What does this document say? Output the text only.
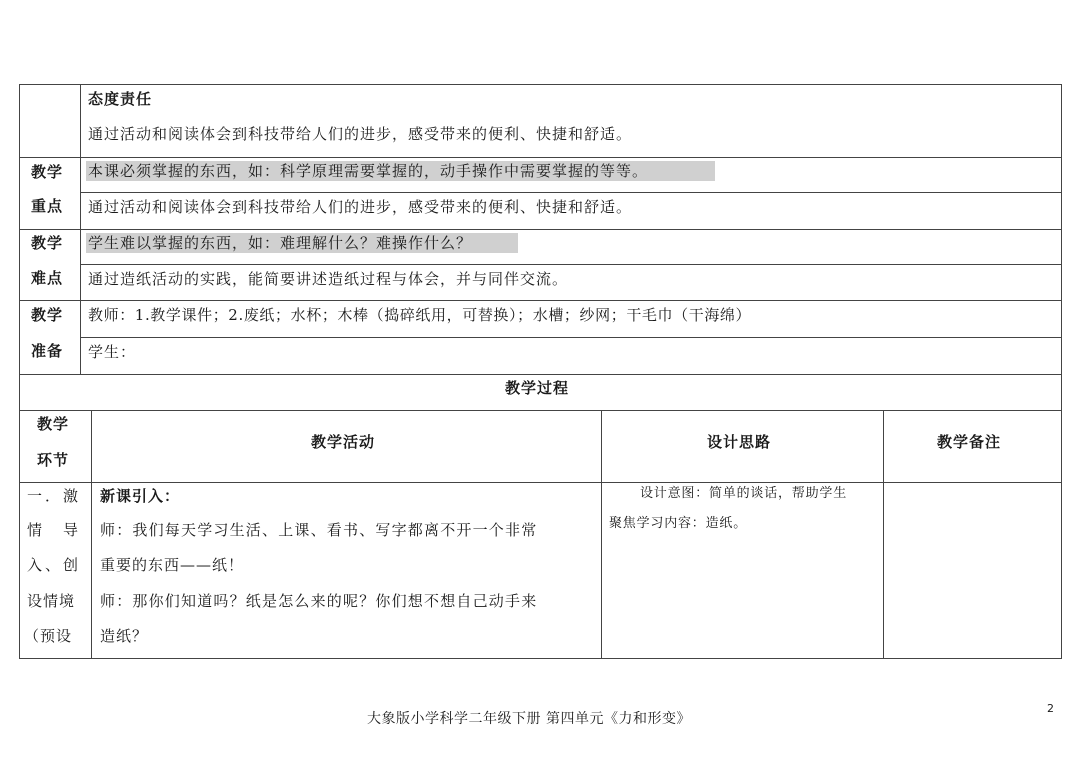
态度责任
通过活动和阅读体会到科技带给人们的进步，感受带来的便利、快捷和舒适。
教学
重点
本课必须掌握的东西，如：科学原理需要掌握的，动手操作中需要掌握的等等。
通过活动和阅读体会到科技带给人们的进步，感受带来的便利、快捷和舒适。
教学
难点
学生难以掌握的东西，如：难理解什么？难操作什么？
通过造纸活动的实践，能简要讲述造纸过程与体会，并与同伴交流。
教学
准备
教师：1.教学课件；2.废纸；水杯；木棒（捣碎纸用，可替换）；水槽；纱网；干毛巾（干海绵）
学生：
教学过程
教学
环节
教学活动	设计思路	教学备注
一．激
情　导
入、创
设情境
（预设
新课引入：
师：我们每天学习生活、上课、看书、写字都离不开一个非常
重要的东西——纸！
师：那你们知道吗？纸是怎么来的呢？你们想不想自己动手来
造纸？
设计意图：简单的谈话，帮助学生
聚焦学习内容：造纸。
大象版小学科学二年级下册 第四单元《力和形变》
2
